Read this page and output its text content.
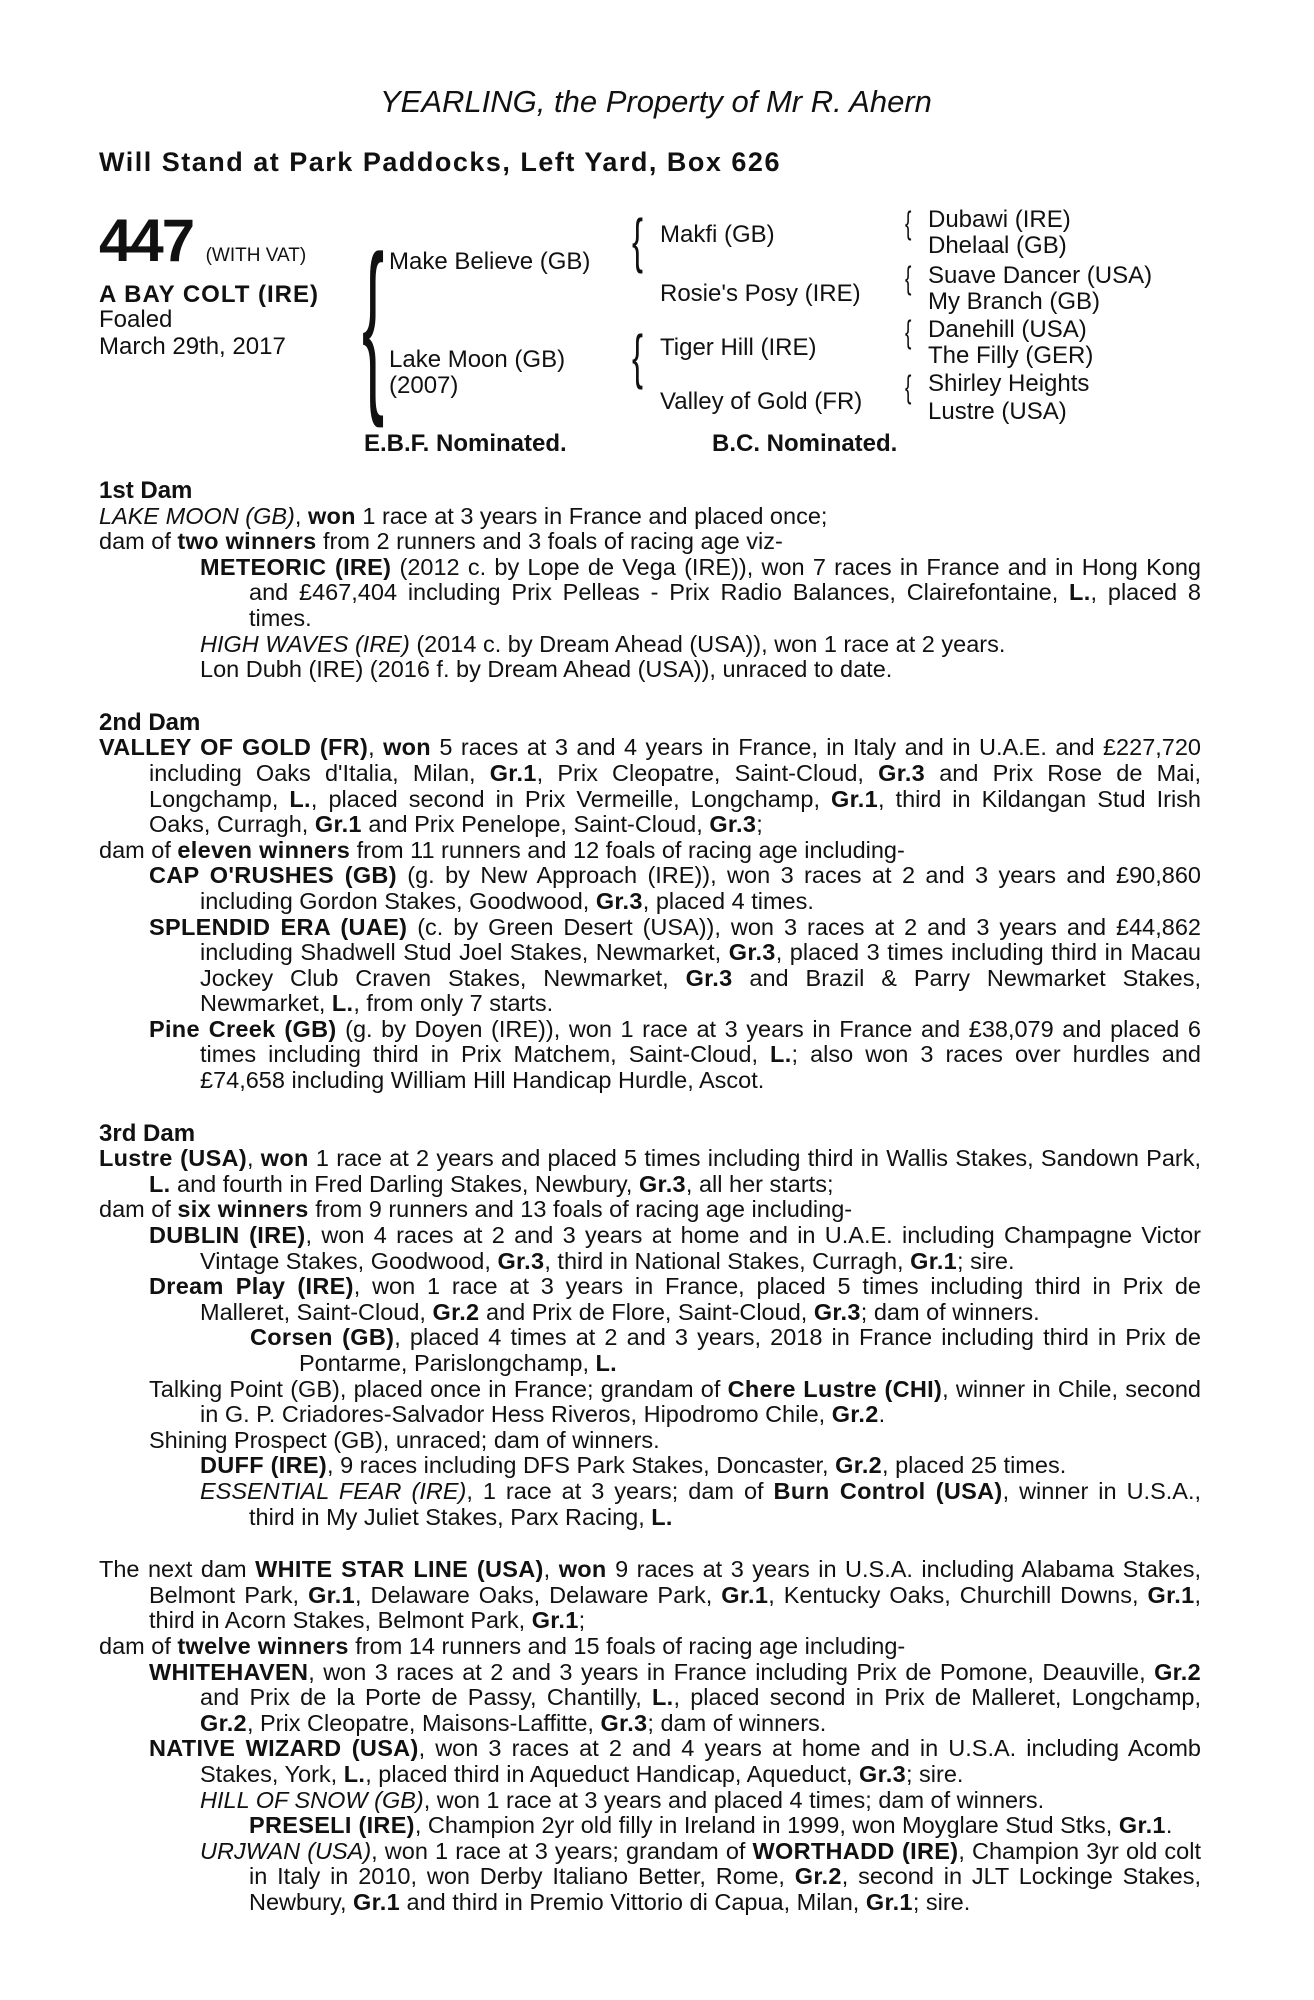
YEARLING, the Property of Mr R. Ahern
Will Stand at Park Paddocks, Left Yard, Box 626
447 (WITH VAT)
A BAY COLT (IRE)
Foaled
March 29th, 2017 {	{
{
{
{
{
{
Make Believe (GB)
Lake Moon (GB)
(2007)
Makfi (GB)
Rosie's Posy (IRE)
Tiger Hill (IRE)
Valley of Gold (FR)
Dubawi (IRE)
Dhelaal (GB)
Suave Dancer (USA)
My Branch (GB)
Danehill (USA)
The Filly (GER)
Shirley Heights
Lustre (USA)
E.B.F. Nominated.	B.C. Nominated.

1st Dam

LAKE MOON (GB), won 1 race at 3 years in France and placed once;

dam of two winners from 2 runners and 3 foals of racing age viz-

METEORIC (IRE) (2012 c. by Lope de Vega (IRE)), won 7 races in France and in Hong Kong and £467,404 including Prix Pelleas - Prix Radio Balances, Clairefontaine, L., placed 8 times.

HIGH WAVES (IRE) (2014 c. by Dream Ahead (USA)), won 1 race at 2 years.

Lon Dubh (IRE) (2016 f. by Dream Ahead (USA)), unraced to date.

2nd Dam

VALLEY OF GOLD (FR), won 5 races at 3 and 4 years in France, in Italy and in U.A.E. and £227,720 including Oaks d'Italia, Milan, Gr.1, Prix Cleopatre, Saint-Cloud, Gr.3 and Prix Rose de Mai, Longchamp, L., placed second in Prix Vermeille, Longchamp, Gr.1, third in Kildangan Stud Irish Oaks, Curragh, Gr.1 and Prix Penelope, Saint-Cloud, Gr.3;

dam of eleven winners from 11 runners and 12 foals of racing age including-

CAP O'RUSHES (GB) (g. by New Approach (IRE)), won 3 races at 2 and 3 years and £90,860 including Gordon Stakes, Goodwood, Gr.3, placed 4 times.

SPLENDID ERA (UAE) (c. by Green Desert (USA)), won 3 races at 2 and 3 years and £44,862 including Shadwell Stud Joel Stakes, Newmarket, Gr.3, placed 3 times including third in Macau Jockey Club Craven Stakes, Newmarket, Gr.3 and Brazil & Parry Newmarket Stakes, Newmarket, L., from only 7 starts.

Pine Creek (GB) (g. by Doyen (IRE)), won 1 race at 3 years in France and £38,079 and placed 6 times including third in Prix Matchem, Saint-Cloud, L.; also won 3 races over hurdles and £74,658 including William Hill Handicap Hurdle, Ascot.

3rd Dam

Lustre (USA), won 1 race at 2 years and placed 5 times including third in Wallis Stakes, Sandown Park, L. and fourth in Fred Darling Stakes, Newbury, Gr.3, all her starts;

dam of six winners from 9 runners and 13 foals of racing age including-

DUBLIN (IRE), won 4 races at 2 and 3 years at home and in U.A.E. including Champagne Victor Vintage Stakes, Goodwood, Gr.3, third in National Stakes, Curragh, Gr.1; sire.

Dream Play (IRE), won 1 race at 3 years in France, placed 5 times including third in Prix de Malleret, Saint-Cloud, Gr.2 and Prix de Flore, Saint-Cloud, Gr.3; dam of winners.

Corsen (GB), placed 4 times at 2 and 3 years, 2018 in France including third in Prix de Pontarme, Parislongchamp, L.

Talking Point (GB), placed once in France; grandam of Chere Lustre (CHI), winner in Chile, second in G. P. Criadores-Salvador Hess Riveros, Hipodromo Chile, Gr.2.

Shining Prospect (GB), unraced; dam of winners.

DUFF (IRE), 9 races including DFS Park Stakes, Doncaster, Gr.2, placed 25 times.

ESSENTIAL FEAR (IRE), 1 race at 3 years; dam of Burn Control (USA), winner in U.S.A., third in My Juliet Stakes, Parx Racing, L.

The next dam WHITE STAR LINE (USA), won 9 races at 3 years in U.S.A. including Alabama Stakes, Belmont Park, Gr.1, Delaware Oaks, Delaware Park, Gr.1, Kentucky Oaks, Churchill Downs, Gr.1, third in Acorn Stakes, Belmont Park, Gr.1;

dam of twelve winners from 14 runners and 15 foals of racing age including-

WHITEHAVEN, won 3 races at 2 and 3 years in France including Prix de Pomone, Deauville, Gr.2 and Prix de la Porte de Passy, Chantilly, L., placed second in Prix de Malleret, Longchamp, Gr.2, Prix Cleopatre, Maisons-Laffitte, Gr.3; dam of winners.

NATIVE WIZARD (USA), won 3 races at 2 and 4 years at home and in U.S.A. including Acomb Stakes, York, L., placed third in Aqueduct Handicap, Aqueduct, Gr.3; sire.

HILL OF SNOW (GB), won 1 race at 3 years and placed 4 times; dam of winners.

PRESELI (IRE), Champion 2yr old filly in Ireland in 1999, won Moyglare Stud Stks, Gr.1.

URJWAN (USA), won 1 race at 3 years; grandam of WORTHADD (IRE), Champion 3yr old colt in Italy in 2010, won Derby Italiano Better, Rome, Gr.2, second in JLT Lockinge Stakes, Newbury, Gr.1 and third in Premio Vittorio di Capua, Milan, Gr.1; sire.
